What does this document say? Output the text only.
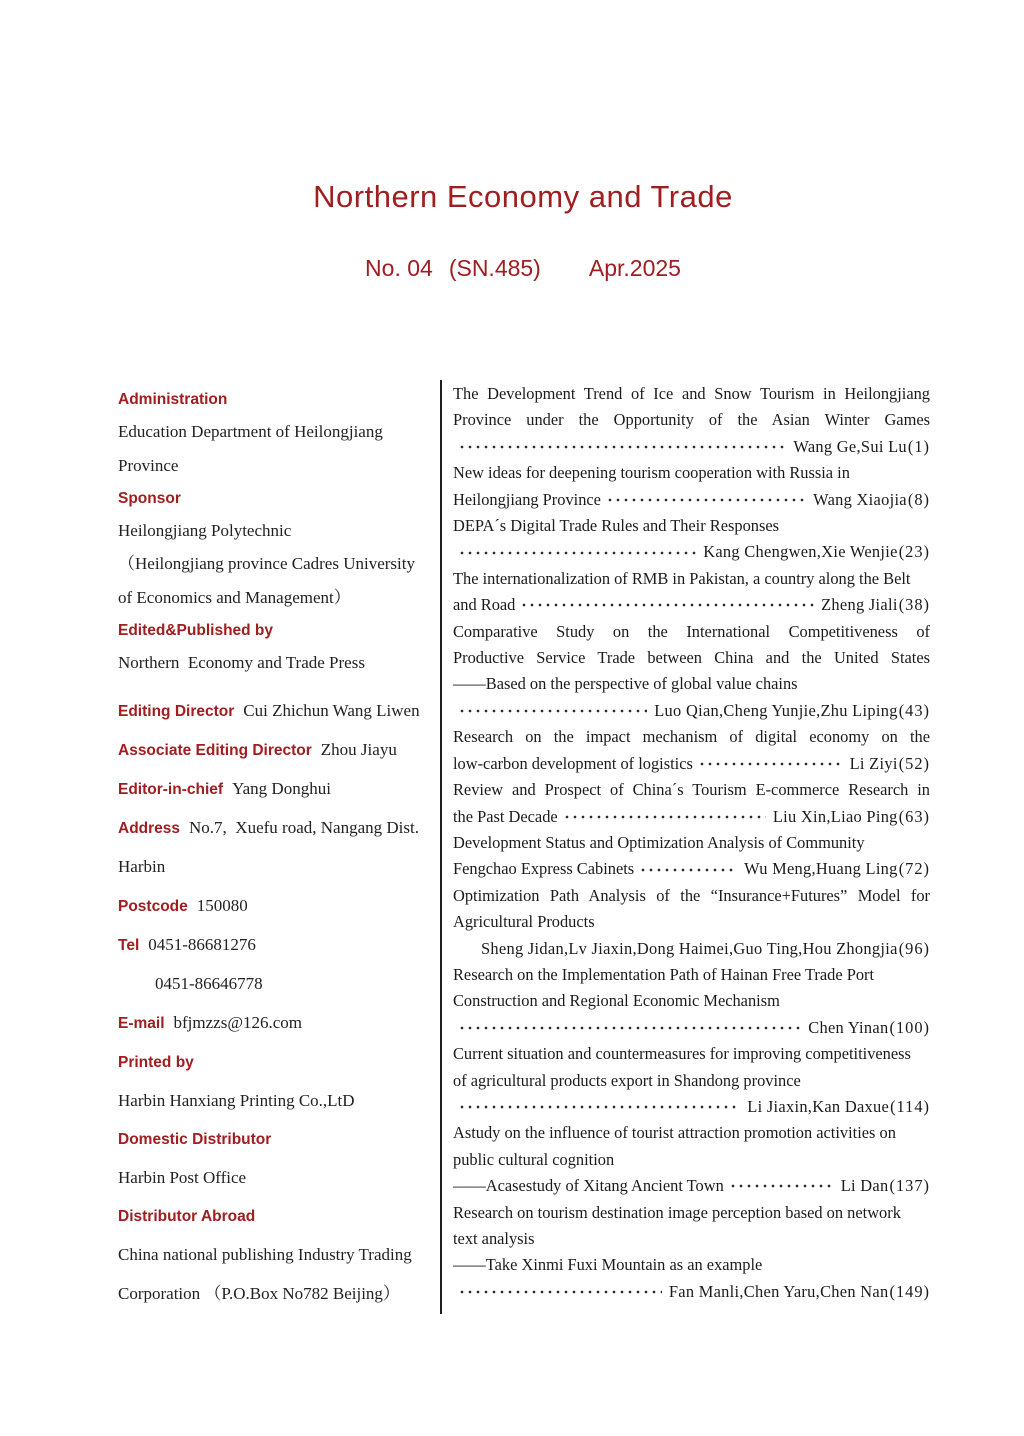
Northern Economy and Trade
No. 04 (SN.485) Apr.2025
Administration
Education Department of Heilongjiang
Province
Sponsor
Heilongjiang Polytechnic
（Heilongjiang province Cadres University
of Economics and Management）
Edited&Published by
Northern  Economy and Trade Press
Editing Director Cui Zhichun Wang Liwen
Associate Editing Director Zhou Jiayu
Editor-in-chief Yang Donghui
Address No.7,  Xuefu road, Nangang Dist.
Harbin
Postcode 150080
Tel 0451-86681276
0451-86646778
E-mail bfjmzzs@126.com
Printed by
Harbin Hanxiang Printing Co.,LtD
Domestic Distributor
Harbin Post Office
Distributor Abroad
China national publishing Industry Trading
Corporation （P.O.Box No782 Beijing）
The Development Trend of Ice and Snow Tourism in Heilongjiang
Province under the Opportunity of the Asian Winter Games
Wang Ge,Sui Lu(1)
New ideas for deepening tourism cooperation with Russia in
Heilongjiang Province	Wang Xiaojia(8)
DEPA´s Digital Trade Rules and Their Responses
Kang Chengwen,Xie Wenjie(23)
The internationalization of RMB in Pakistan, a country along the Belt
and Road	Zheng Jiali(38)
Comparative Study on the International Competitiveness of
Productive Service Trade between China and the United States
——Based on the perspective of global value chains
Luo Qian,Cheng Yunjie,Zhu Liping(43)
Research on the impact mechanism of digital economy on the
low-carbon development of logistics	Li Ziyi(52)
Review and Prospect of China´s Tourism E-commerce Research in
the Past Decade	Liu Xin,Liao Ping(63)
Development Status and Optimization Analysis of Community
Fengchao Express Cabinets	Wu Meng,Huang Ling(72)
Optimization Path Analysis of the “Insurance+Futures” Model for
Agricultural Products
Sheng Jidan,Lv Jiaxin,Dong Haimei,Guo Ting,Hou Zhongjia(96)
Research on the Implementation Path of Hainan Free Trade Port
Construction and Regional Economic Mechanism
Chen Yinan(100)
Current situation and countermeasures for improving competitiveness
of agricultural products export in Shandong province
Li Jiaxin,Kan Daxue(114)
Astudy on the influence of tourist attraction promotion activities on
public cultural cognition
——Acasestudy of Xitang Ancient Town	Li Dan(137)
Research on tourism destination image perception based on network
text analysis
——Take Xinmi Fuxi Mountain as an example
Fan Manli,Chen Yaru,Chen Nan(149)
